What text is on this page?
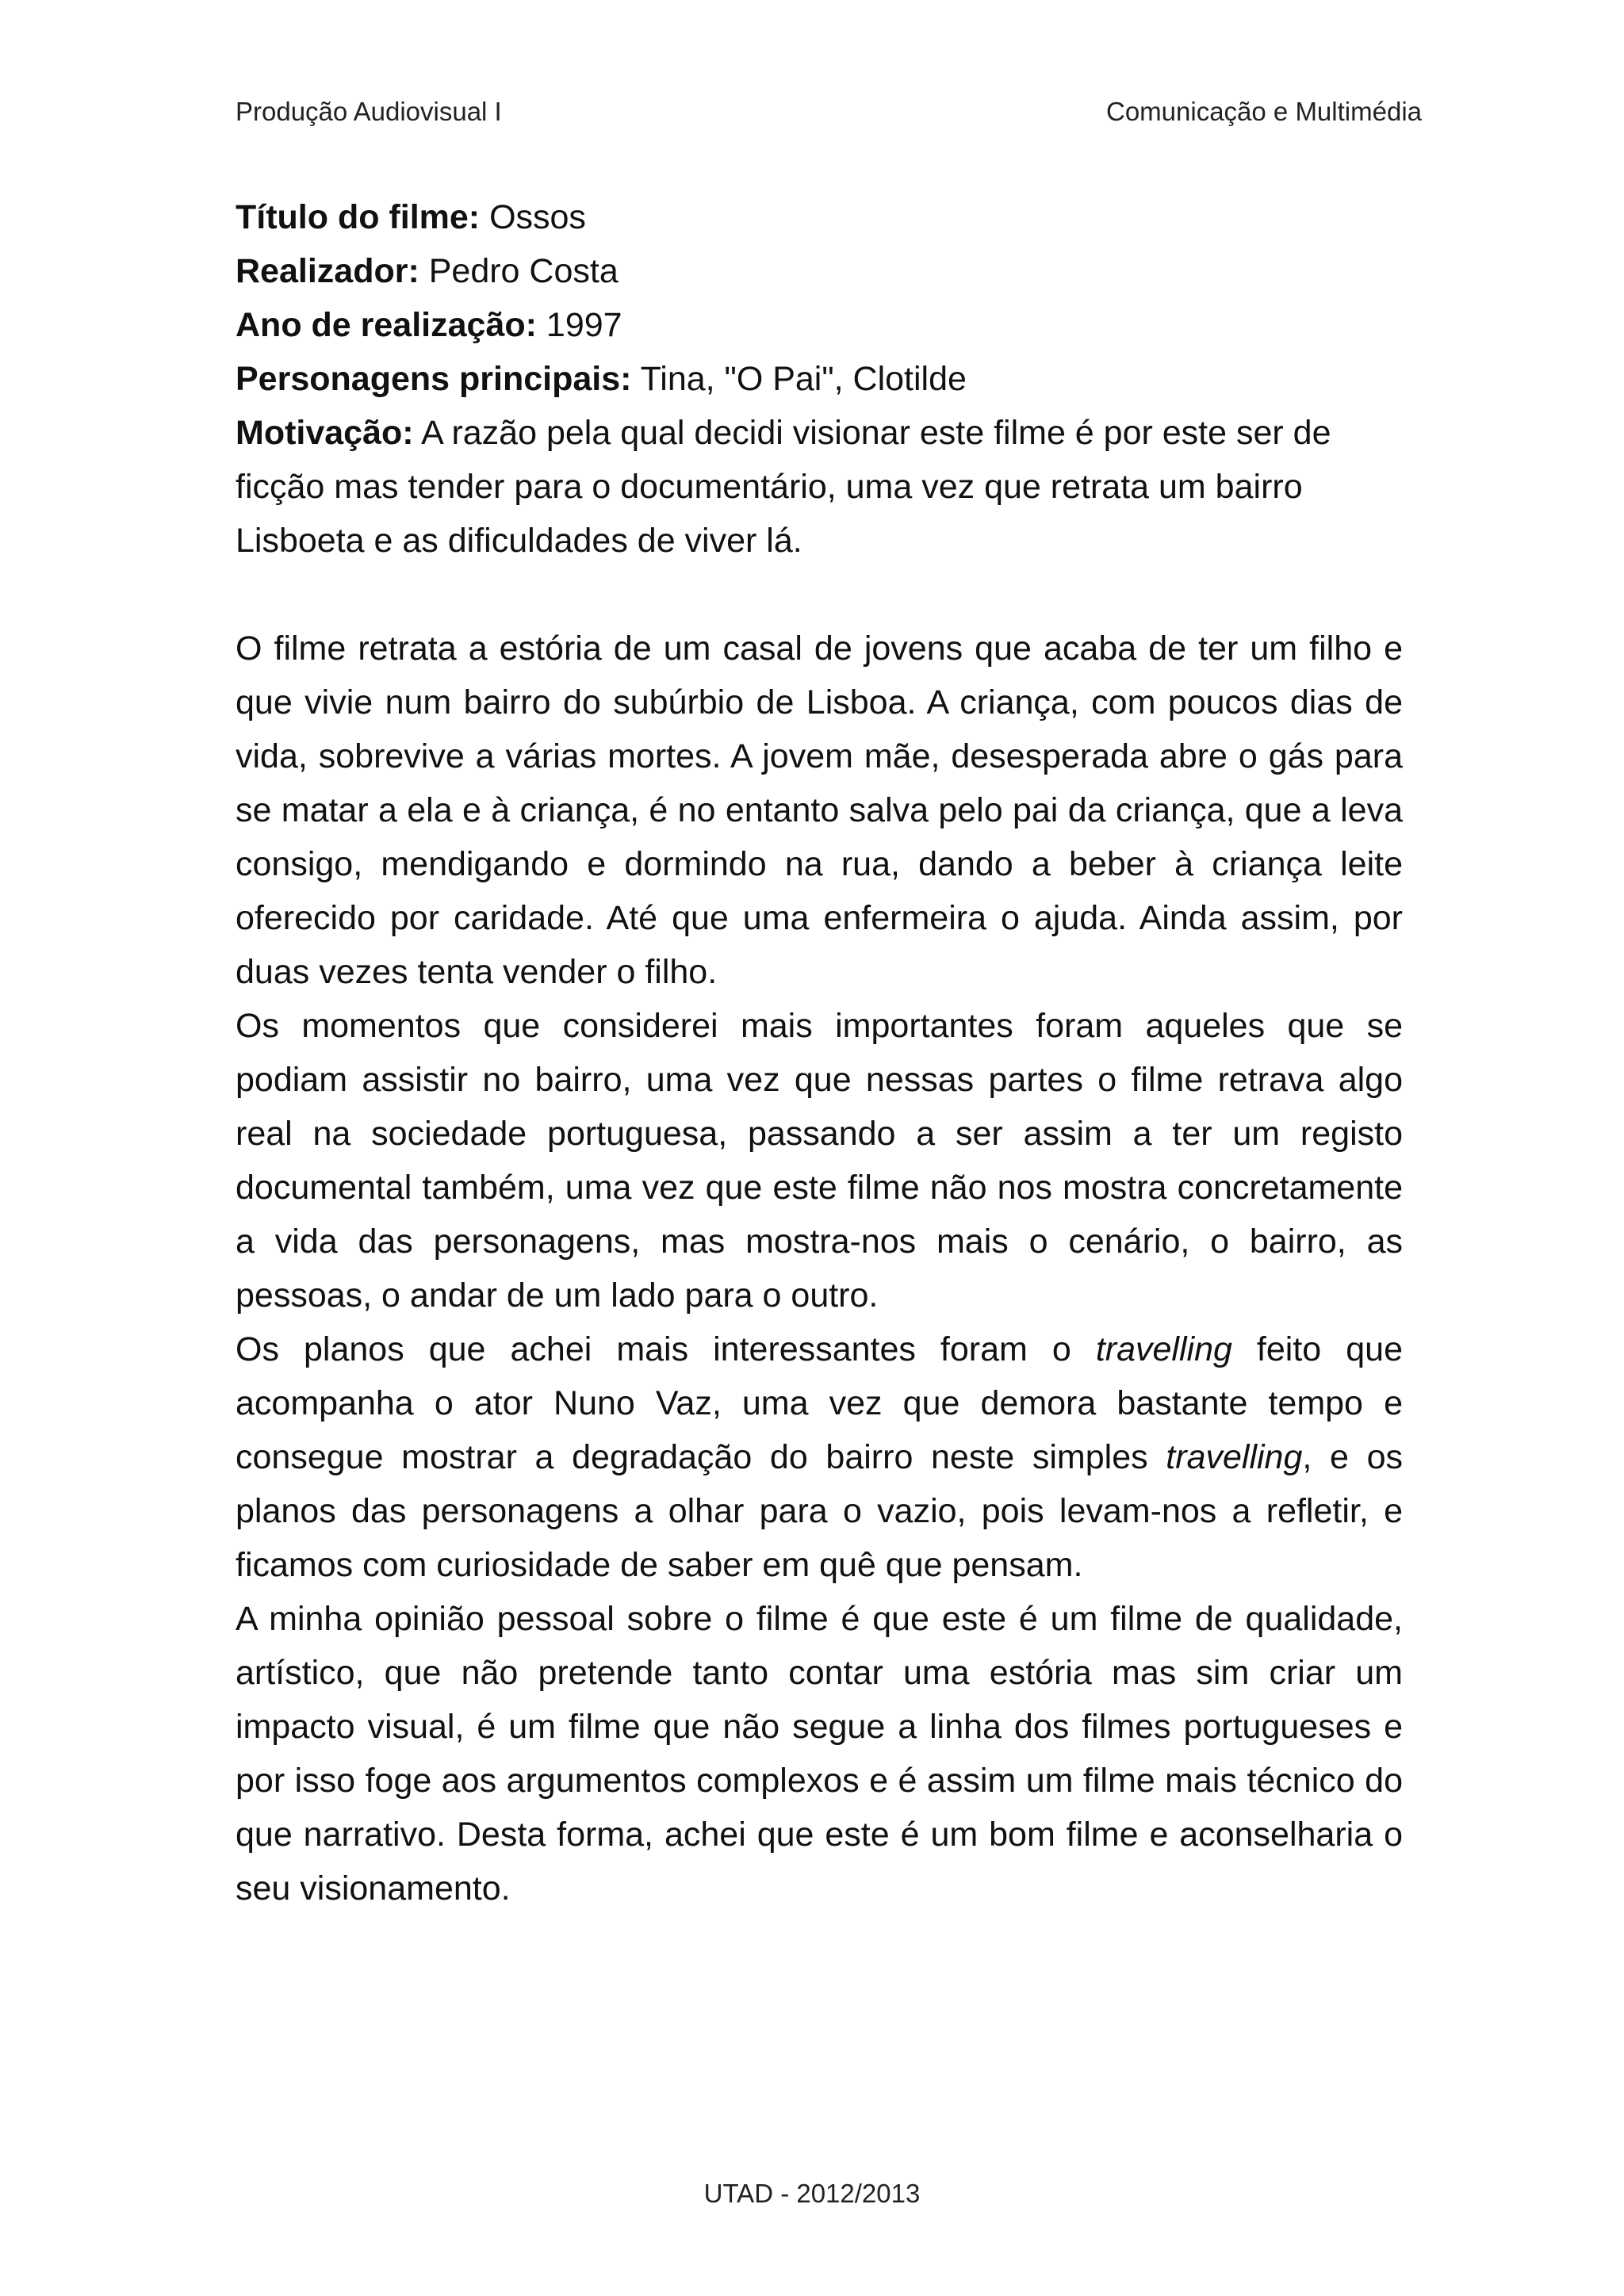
Produção Audiovisual I	Comunicação e Multimédia

Título do filme: Ossos

Realizador: Pedro Costa

Ano de realização: 1997

Personagens principais: Tina, "O Pai", Clotilde

Motivação: A razão pela qual decidi visionar este filme é por este ser de ficção mas tender para o documentário, uma vez que retrata um bairro Lisboeta e as dificuldades de viver lá.

O filme retrata a estória de um casal de jovens que acaba de ter um filho e que vivie num bairro do subúrbio de Lisboa. A criança, com poucos dias de vida, sobrevive a várias mortes. A jovem mãe, desesperada abre o gás para se matar a ela e à criança, é no entanto salva pelo pai da criança, que a leva consigo, mendigando e dormindo na rua, dando a beber à criança leite oferecido por caridade. Até que uma enfermeira o ajuda. Ainda assim, por duas vezes tenta vender o filho.

Os momentos que considerei mais importantes foram aqueles que se podiam assistir no bairro, uma vez que nessas partes o filme retrava algo real na sociedade portuguesa, passando a ser assim a ter um registo documental também, uma vez que este filme não nos mostra concretamente a vida das personagens, mas mostra-nos mais o cenário, o bairro, as pessoas, o andar de um lado para o outro.

Os planos que achei mais interessantes foram o travelling feito que acompanha o ator Nuno Vaz, uma vez que demora bastante tempo e consegue mostrar a degradação do bairro neste simples travelling, e os planos das personagens a olhar para o vazio, pois levam-nos a refletir, e ficamos com curiosidade de saber em quê que pensam.

A minha opinião pessoal sobre o filme é que este é um filme de qualidade, artístico, que não pretende tanto contar uma estória mas sim criar um impacto visual, é um filme que não segue a linha dos filmes portugueses e por isso foge aos argumentos complexos e é assim um filme mais técnico do que narrativo. Desta forma, achei que este é um bom filme e aconselharia o seu visionamento.

UTAD - 2012/2013
